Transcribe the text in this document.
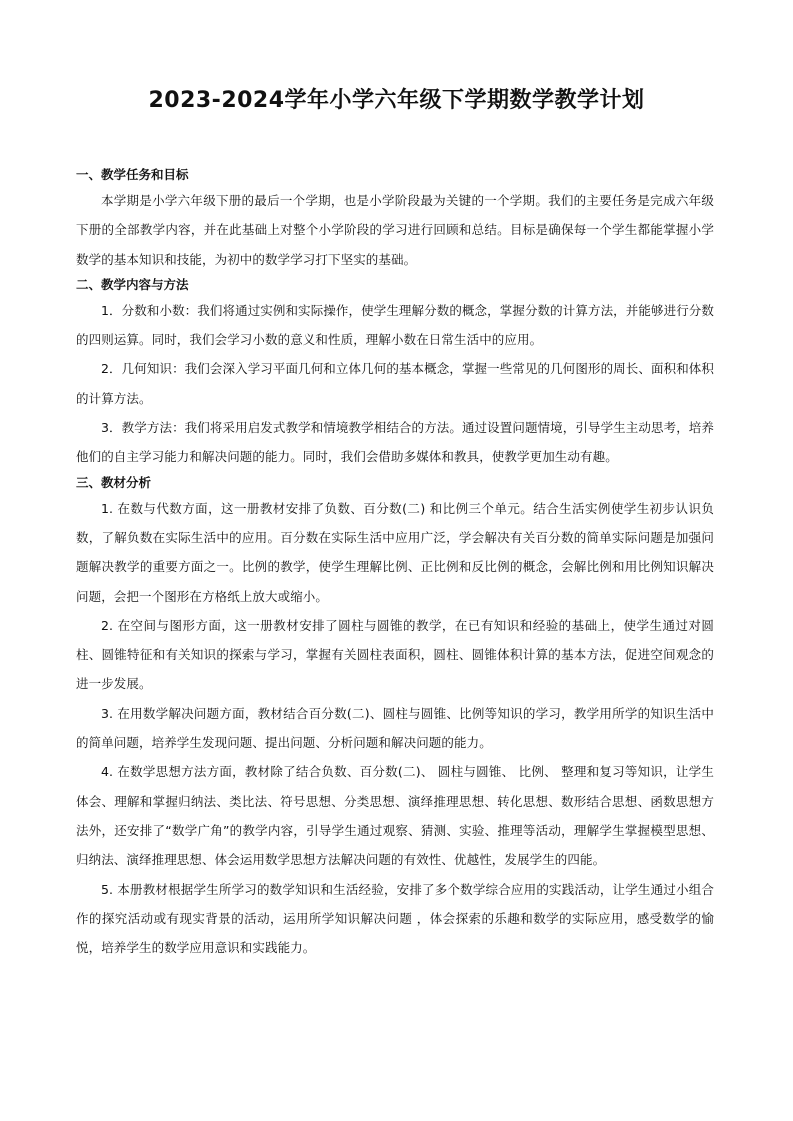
2023-2024学年小学六年级下学期数学教学计划
一、教学任务和目标

本学期是小学六年级下册的最后一个学期，也是小学阶段最为关键的一个学期。我们的主要任务是完成六年级下册的全部教学内容，并在此基础上对整个小学阶段的学习进行回顾和总结。目标是确保每一个学生都能掌握小学数学的基本知识和技能，为初中的数学学习打下坚实的基础。

二、教学内容与方法

1．分数和小数：我们将通过实例和实际操作，使学生理解分数的概念，掌握分数的计算方法，并能够进行分数的四则运算。同时，我们会学习小数的意义和性质，理解小数在日常生活中的应用。

2．几何知识：我们会深入学习平面几何和立体几何的基本概念，掌握一些常见的几何图形的周长、面积和体积的计算方法。

3．教学方法：我们将采用启发式教学和情境教学相结合的方法。通过设置问题情境，引导学生主动思考，培养他们的自主学习能力和解决问题的能力。同时，我们会借助多媒体和教具，使教学更加生动有趣。

三、教材分析

1. 在数与代数方面，这一册教材安排了负数、百分数(二) 和比例三个单元。结合生活实例使学生初步认识负数，了解负数在实际生活中的应用。百分数在实际生活中应用广泛，学会解决有关百分数的简单实际问题是加强问题解决教学的重要方面之一。比例的教学，使学生理解比例、正比例和反比例的概念，会解比例和用比例知识解决问题，会把一个图形在方格纸上放大或缩小。

2. 在空间与图形方面，这一册教材安排了圆柱与圆锥的教学，在已有知识和经验的基础上，使学生通过对圆柱、圆锥特征和有关知识的探索与学习，掌握有关圆柱表面积，圆柱、圆锥体积计算的基本方法，促进空间观念的进一步发展。

3. 在用数学解决问题方面，教材结合百分数(二)、圆柱与圆锥、比例等知识的学习，教学用所学的知识生活中的简单问题，培养学生发现问题、提出问题、分析问题和解决问题的能力。

4. 在数学思想方法方面，教材除了结合负数、百分数(二)、 圆柱与圆锥、 比例、 整理和复习等知识，让学生体会、理解和掌握归纳法、类比法、符号思想、分类思想、演绎推理思想、转化思想、数形结合思想、函数思想方法外，还安排了“数学广角”的教学内容，引导学生通过观察、猜测、实验、推理等活动，理解学生掌握模型思想、 归纳法、演绎推理思想、体会运用数学思想方法解决问题的有效性、优越性，发展学生的四能。

5. 本册教材根据学生所学习的数学知识和生活经验，安排了多个数学综合应用的实践活动，让学生通过小组合作的探究活动或有现实背景的活动，运用所学知识解决问题 ，体会探索的乐趣和数学的实际应用，感受数学的愉悦，培养学生的数学应用意识和实践能力。
